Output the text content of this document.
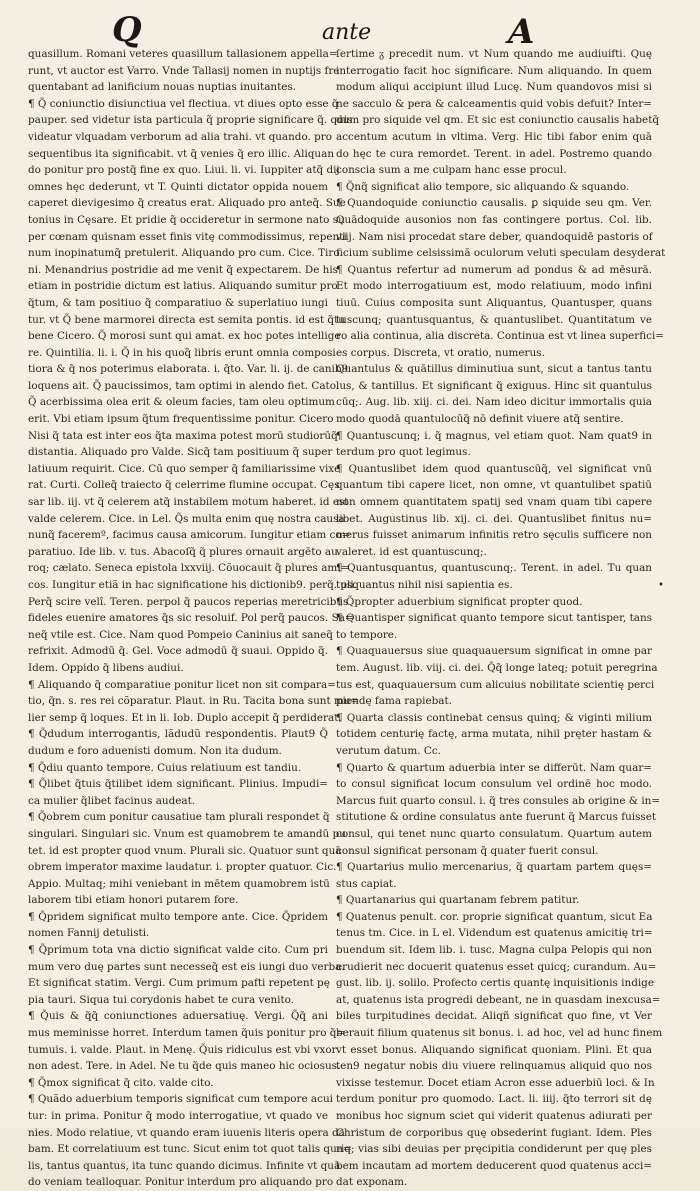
Q	ante	A

quasillum. Romani veteres quasillum tallasionem appella=

runt, vt auctor est Varro. Vnde Tallasij nomen in nuptijs fre

quentabant ad lanificium nouas nuptias inuitantes.

¶ Q̃ coniunctio disiunctiua vel flectiua. vt diues opto esse q̃

pauper. sed videtur ista particula q̃ proprie significare q̃. quis

videatur vlquadam verborum ad alia trahi. vt quando. pro

sequentibus ita significabit. vt q̃ venies q̃ ero illic. Aliquan

do ponitur pro postq̃ fine ex quo. Liui. li. vi. Iuppiter atq̃ dij

omnes hęc dederunt, vt T. Quinti dictator oppida nouem

caperet dievigesimo q̃ creatus erat. Aliquado pro anteq̃. Sue

tonius in Cęsare. Et pridie q̃ occideretur in sermone nato su

per cœnam quisnam esset finis vitę commodissimus, repenti

num inopinatumq̃ pretulerit. Aliquando pro cum. Cice. Tiro

ni. Menandrius postridie ad me venit q̃ expectarem. De his

etiam in postridie dictum est latius. Aliquando sumitur pro

q̃tum, & tam positiuo q̃ comparatiuo & superlatiuo iungi

tur. vt Q̃ bene marmorei directa est semita pontis. id est q̃tu

bene Cicero. Q̃ morosi sunt qui amat. ex hoc potes intellige

re. Quintilia. li. i. Q̃ in his quoq̃ libris erunt omnia composi

tiora & q̃ nos poterimus elaborata. i. q̃to. Var. li. ij. de canib9

loquens ait. Q̃ paucissimos, tam optimi in alendo fiet. Cato.

Q̃ acerbissima olea erit & oleum facies, tam oleu optimum

erit. Vbi etiam ipsum q̃tum frequentissime ponitur. Cicero

Nisi q̃ tata est inter eos q̃ta maxima potest morū studiorūq̃

distantia. Aliquado pro Valde. Sicq̃ tam positiuum q̃ super

latiuum requirit. Cice. Cū quo semper q̃ familiarissime vixe

rat. Curti. Colleq̃ traiecto q̃ celerrime flumine occupat. Cęs

sar lib. iij. vt q̃ celerem atq̃ instabilem motum haberet. id est

valde celerem. Cice. in Lel. Q̃s multa enim quę nostra causa

nunq̃ faceremº, facimus causa amicorum. Iungitur etiam co=

paratiuo. Ide lib. v. tus. Abacoſq̃ q̃ plures ornauit argēto au

roq; cælato. Seneca epistola lxxviij. Cõuocauit q̃ plures ami=

cos. Iungitur etiã in hac significatione his dictionib9. perq̃. pli.

Perq̃ scire velî. Teren. perpol q̃ paucos reperias meretricibus

fideles euenire amatores q̃s sic resoluif. Pol perq̃ paucos. Sa=

neq̃ vtile est. Cice. Nam quod Pompeio Caninius ait saneq̃

refrixit. Admodū q̃. Gel. Voce admodū q̃ suaui. Oppido q̃.

Idem. Oppido q̃ libens audiui.

¶ Aliquando q̃ comparatiue ponitur licet non sit compara=

tio, q̃n. s. res rei cõparatur. Plaut. in Ru. Tacita bona sunt mu=

lier semp q̃ loques. Et in li. Iob. Duplo accepit q̃ perdiderat.

¶ Q̃dudum interrogantis, lãdudũ respondentis. Plaut9 Q̃

dudum e foro aduenisti domum. Non ita dudum.

¶ Q̃diu quanto tempore. Cuius relatiuum est tandiu.

¶ Q̃libet q̃tuis q̃tilibet idem significant. Plinius. Impudi=

ca mulier q̃libet facinus audeat.

¶ Q̃obrem cum ponitur causatiue tam plurali respondet q̃

singulari. Singulari sic. Vnum est quamobrem te amandū pu

tet. id est propter quod vnum. Plurali sic. Quatuor sunt quā

obrem imperator maxime laudatur. i. propter quatuor. Cic.

Appio. Multaq; mihi veniebant in mētem quamobrem istū

laborem tibi etiam honori putarem fore.

¶ Q̃pridem significat multo tempore ante. Cice. Q̃pridem

nomen Fannij detulisti.

¶ Q̃primum tota vna dictio significat valde cito. Cum pri

mum vero duę partes sunt necesseq̃ est eis iungi duo verba.

Et significat statim. Vergi. Cum primum pafti repetent pę

pia tauri. Siqua tui corydonis habet te cura venito.

¶ Q̃uis & q̃q̃ coniunctiones aduersatiuę. Vergi. Q̃q̃ ani

mus meminisse horret. Interdum tamen q̃uis ponitur pro q̃=

tumuis. i. valde. Plaut. in Menę. Q̃uis ridiculus est vbi vxor

non adest. Tere. in Adel. Ne tu q̃de quis maneo hic ociosus.

¶ Q̃mox significat q̃ cito. valde cito.

¶ Quãdo aduerbium temporis significat cum tempore acui

tur: in prima. Ponitur q̃ modo interrogatiue, vt quado ve

nies. Modo relatiue, vt quando eram iuuenis literis opera da

bam. Et correlatiuum est tunc. Sicut enim tot quot talis qua=

lis, tantus quantus, ita tunc quando dicimus. Infinite vt quā

do veniam tealloquar. Ponitur interdum pro aliquando pro

ſertime ᵹ precedit num. vt Num quando me audiuifti. Quę

interrogatio facit hoc significare. Num aliquando. In quem

modum aliqui accipiunt illud Lucę. Num quandovos misi si

ne sacculo & pera & calceamentis quid vobis defuit? Inter=

dum pro siquide vel qm. Et sic est coniunctio causalis habetq̃

accentum acutum in vltima. Verg. Hic tibi fabor enim quā

do hęc te cura remordet. Terent. in adel. Postremo quando

conscia sum a me culpam hanc esse procul.

¶ Q̃nq̃ significat alio tempore, sic aliquando & squando.

¶ Quandoquide coniunctio causalis. ꝑ siquide seu qm. Ver.

Quādoquide ausonios non fas contingere portus. Col. lib.

viij. Nam nisi procedat stare deber, quandoquidē pastoris of

ficium sublime celsissimā oculorum veluti speculam desyderat

¶ Quantus refertur ad numerum ad pondus & ad mēsurā.

Et modo interrogatiuum est, modo relatiuum, modo infini

tiuū. Cuius composita sunt Aliquantus, Quantusper, quans

tuscunq; quantusquantus, & quantuslibet. Quantitatum ve

ro alia continua, alia discreta. Continua est vt linea superfici=

es corpus. Discreta, vt oratio, numerus.

Quantulus & quātillus diminutiua sunt, sicut a tantus tantu

lus, & tantillus. Et significant q̃ exiguus. Hinc sit quantulus

cūq;. Aug. lib. xiij. ci. dei. Nam ideo dicitur immortalis quia

modo quodā quantulocūq̃ nō definit viuere atq̃ sentire.

¶ Quantuscunq; i. q̃ magnus, vel etiam quot. Nam quat9 in

terdum pro quot legimus.

¶ Quantuslibet idem quod quantuscūq̃, vel significat vnū

quantum tibi capere licet, non omne, vt quantulibet spatiū

non omnem quantitatem spatij sed vnam quam tibi capere

libet. Augustinus lib. xij. ci. dei. Quantuslibet finitus nu=

merus fuisset animarum infinitis retro sęculis sufficere non

valeret. id est quantuscunq;.

¶ Quantusquantus, quantuscunq;. Terent. in adel. Tu quan

tusquantus nihil nisi sapientia es.

¶ Q̃propter aduerbium significat propter quod.

¶ Quantisper significat quanto tempore sicut tantisper, tans

to tempore.

¶ Quaquauersus siue quaquauersum significat in omne par

tem. August. lib. viij. ci. dei. Q̃q̃ longe lateq; potuit peregrina

tus est, quaquauersum cum alicuius nobilitate scientię perci

piendę fama rapiebat.

¶ Quarta classis continebat census quinq; & viginti milium

totidem centurię factę, arma mutata, nihil pręter hastam &

verutum datum. Cc.

¶ Quarto & quartum aduerbia inter se differūt. Nam quar=

to consul significat locum consulum vel ordinē hoc modo.

Marcus fuit quarto consul. i. q̃ tres consules ab origine & in=

stitutione & ordine consulatus ante fuerunt q̃ Marcus fuisset

consul, qui tenet nunc quarto consulatum. Quartum autem

consul significat personam q̃ quater fuerit consul.

¶ Quartarius mulio mercenarius, q̃ quartam partem quęs=

stus capiat.

¶ Quartanarius qui quartanam febrem patitur.

¶ Quatenus penult. cor. proprie significat quantum, sicut Ea

tenus tm. Cice. in L el. Videndum est quatenus amicitię tri=

buendum sit. Idem lib. i. tusc. Magna culpa Pelopis qui non

erudierit nec docuerit quatenus esset quicq; curandum. Au=

gust. lib. ij. solilo. Profecto certis quantę inquisitionis indige

at, quatenus ista progredi debeant, ne in quasdam inexcusa=

biles turpitudines decidat. Aliqñ significat quo fine, vt Ver

berauit filium quatenus sit bonus. i. ad hoc, vel ad hunc finem

vt esset bonus. Aliquando significat quoniam. Plini. Et qua

ten9 negatur nobis diu viuere relinquamus aliquid quo nos

vixisse testemur. Docet etiam Acron esse aduerbiū loci. & In

terdum ponitur pro quomodo. Lact. li. iiij. q̃to terrori sit dę

monibus hoc signum sciet qui viderit quatenus adiurati per

Christum de corporibus quę obsederint fugiant. Idem. Ples

riq; vias sibi deuias per pręcipitia condiderunt per quę ples

bem incautam ad mortem deducerent quod quatenus acci=

dat exponam.

•
